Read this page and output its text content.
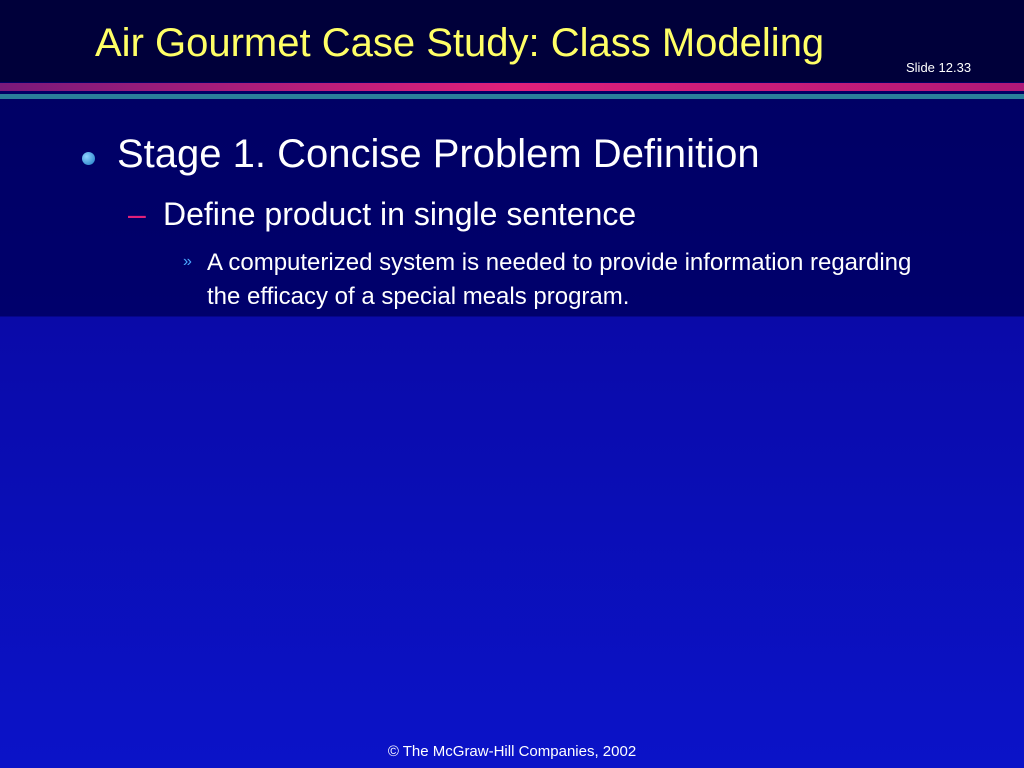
Air Gourmet Case Study: Class Modeling
Slide 12.33
Stage 1. Concise Problem Definition
– Define product in single sentence
» A computerized system is needed to provide information regarding the efficacy of a special meals program.
© The McGraw-Hill Companies, 2002
